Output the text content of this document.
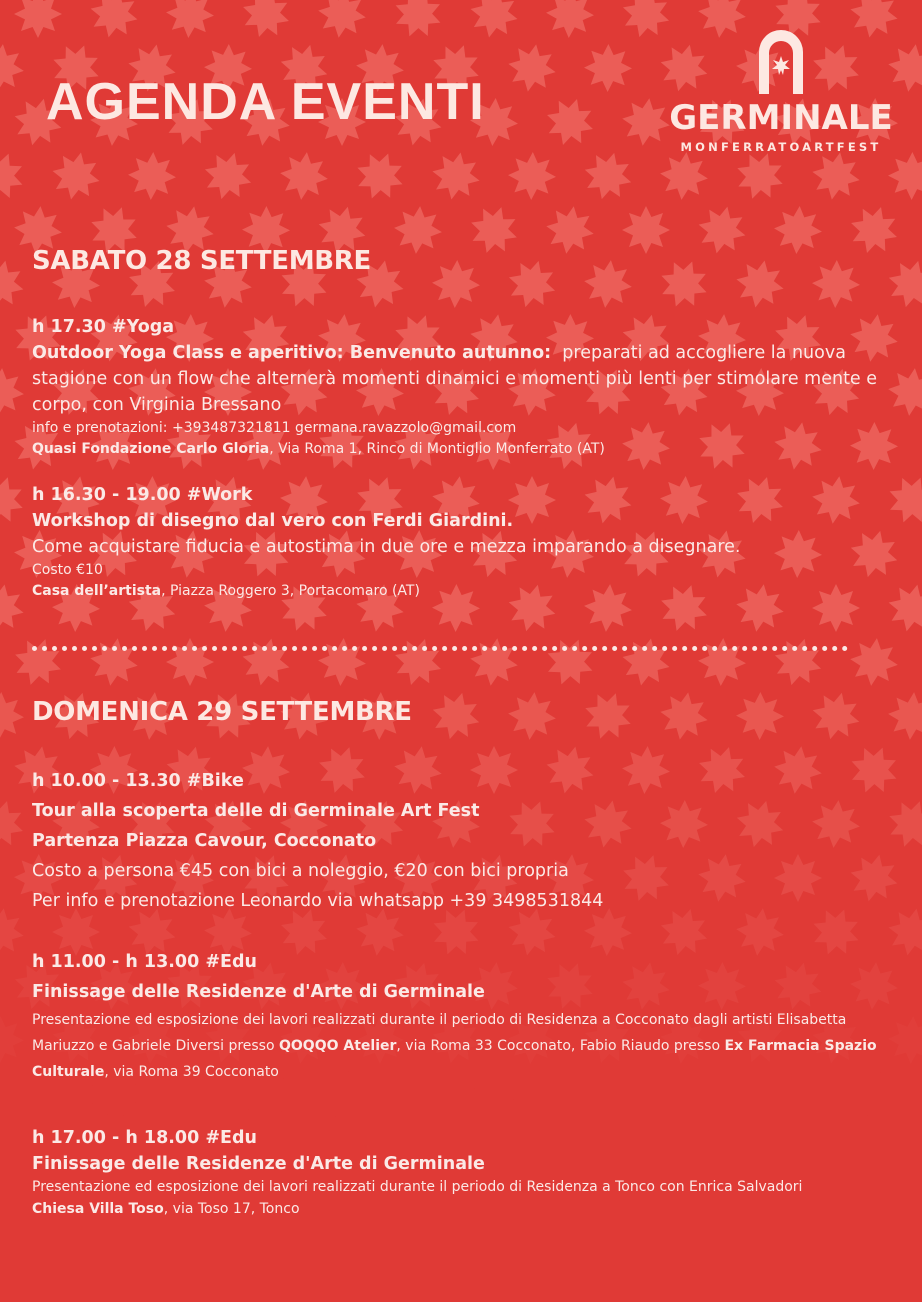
AGENDA EVENTI	GERMINALE
MONFERRATOARTFEST
SABATO 28 SETTEMBRE
h 17.30 #Yoga
Outdoor Yoga Class e aperitivo: Benvenuto autunno: preparati ad accogliere la nuova stagione con un flow che alternerà momenti dinamici e momenti più lenti per stimolare mente e corpo, con Virginia Bressano
info e prenotazioni: +393487321811 germana.ravazzolo@gmail.com
Quasi Fondazione Carlo Gloria, Via Roma 1, Rinco di Montiglio Monferrato (AT)
h 16.30 - 19.00 #Work
Workshop di disegno dal vero con Ferdi Giardini.
Come acquistare fiducia e autostima in due ore e mezza imparando a disegnare.
Costo €10
Casa dell’artista, Piazza Roggero 3, Portacomaro (AT)
DOMENICA 29 SETTEMBRE
h 10.00 - 13.30 #Bike
Tour alla scoperta delle di Germinale Art Fest
Partenza Piazza Cavour, Cocconato
Costo a persona €45 con bici a noleggio, €20 con bici propria
Per info e prenotazione Leonardo via whatsapp +39 3498531844
h 11.00 - h 13.00 #Edu
Finissage delle Residenze d'Arte di Germinale
Presentazione ed esposizione dei lavori realizzati durante il periodo di Residenza a Cocconato dagli artisti Elisabetta Mariuzzo e Gabriele Diversi presso QOQQO Atelier, via Roma 33 Cocconato, Fabio Riaudo presso Ex Farmacia Spazio Culturale, via Roma 39 Cocconato
h 17.00 - h 18.00 #Edu
Finissage delle Residenze d'Arte di Germinale
Presentazione ed esposizione dei lavori realizzati durante il periodo di Residenza a Tonco con Enrica Salvadori
Chiesa Villa Toso, via Toso 17, Tonco
